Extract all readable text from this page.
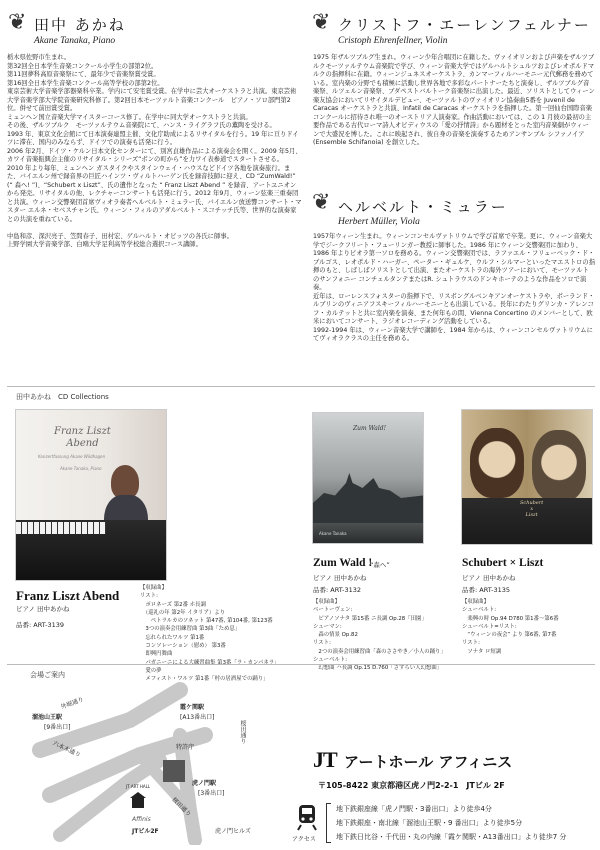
❦ 田中 あかね
Akane Tanaka, Piano
栃木県佐野市生まれ。
第32回全日本学生音楽コンクール小学生の部第2位。
第11回夢科高原音楽祭にて、最年少で音楽祭賞受賞。
第16回全日本学生音楽コンクール高等学校の部第2位。
東京芸術大学音楽学部器楽科卒業。学内にて安宅賞受賞。在学中に芸大オーケストラと共演。東京芸術大学音楽学部大学院音楽研究科修了。第2回日本モーツァルト音楽コンクール　ピアノ・ソロ部門第2位。併せて前田賞受賞。
ミュンヘン国立音楽大学マイスターコース修了。在学中に同大学オーケストラと共演。
その後、ザルツブルク　モーツァルテウム音楽院にて、ハンス・ライグラフ氏の薫陶を受ける。
1993 年、東京文化会館にて日本演奏連盟主催、文化庁助成によるリサイタルを行う。19 年に亘りドイツに滞在、国内のみならず、ドイツでの演奏も活発に行う。
2006 年2月、ドイツ・ケルン日本文化センターにて、別宮貞雄作品による演奏会を開く。2009 年5月、カワイ音楽振興会主催のリサイタル・シリーズ“ボンの町から”を力ワイ表参道でスタートさせる。
2010 年より毎年、ミュンヘン ガスタイクやスタインウェイ・ハウスなどドイツ各地を演奏旅行。また、バイエルン州で録音界の巨匠ハインツ・ヴィルトハーゲン氏を録音技師に迎え、CD “ZumWald!” (“ 森へ! ”)、“Schubert x Liszt”、氏の遺作となった “ Franz Liszt Abend ” を録音、アートユニオンから発売。リサイタルの他、レクチャーコンサートも活発に行う。2012 年9月、ウィーン弦楽三重奏団と共演。ウィーン交響楽団首席ヴィオラ奏者ヘルベルト・ミュラー氏、バイエルン放送響コンサート・マスター エルネ・セベスチャン氏、ウィーン・フィルのアダルベルト・スコチッチ氏等、世界的な演奏家との共演を重ねている。

中島和彦、深沢亮子、笠間春子、田村宏、ゲルハルト・オピッツの各氏に師事。
上野学園大学音楽学部、白鴎大学足利高等学校総合選択コース講師。
❦ クリストフ・エーレンフェルナー
Cristoph Ehrenfellner, Violin
1975 年ザルツブルグ生まれ。ウィーン少年合唱団に在籍した。ヴァイオリンおよび声楽をザルツブルクモーツァルテウム音楽院で学び、ウィーン音楽大学ではゲルハルトシュルツおよびレオポルドマルクの指揮科に在籍。ウィーンジュネスオーケストラ、カンマーフィルハーモニー元代郵務を務めている。室内楽の分野でも積極に活動し世界各地で多彩なパートナーたちと演奏し、ザルツブルグ音楽祭、ルツェルン音楽祭、ブダペストバルトーク音楽祭に出演した。最近、ソリストとしてウィーン楽友協会においてリサイタルデビュー、モーツァルトのヴァイオリン協奏曲5番を Juvenil de Caracas オーケストラと共演、Infatil de Caracas オーケストラを指揮した。第一回仙台国際音楽コンクールに招待され唯一のオーストリア人演奏家。作曲活動においては、この 1 月彼の最初の主要作品である古代ローマ詩人オビディウスの「愛の抒情詩」から題材をとった室内音楽劇がウィーンで大盛況を博した。これに映起され、彼自身の音楽を演奏するためアンサンブル シファノイア (Ensemble Schifanoia) を創立した。
❦ ヘルベルト・ミュラー
Herbert Müller, Viola
1957年ウィーン生まれ。ウィーンコンセルヴァトリウムで学び首席で卒業。更に、ウィーン音楽大学でジークフリート・フューリンガー教授に師事した。1986 年にウィーン交響楽団に加わり、1986 年よりビオラ第一ソロを務める。ウィーン交響楽団では、ラファエル・フリューベック・ド・ブルゴス、レオポルド・ハーガー、ペーター・ギュルケ、ウルフ・シルマーといったマエストロの指揮のもと、しばしばソリストとして出演、またオーケストラの海外ツアーにおいて、モーツァルトのサンフォニー コンチェルタンテまたはR. シュトラウスのドンキホーテのような作品をソロで演奏。
近年は、ローレンスフォスターの指揮下で、リスボングルベンキアンオーケストラや、ポーランド・ルブリンのヴィニアフスキーフィルハーモニーとも出演している。長年にわたりグリンカ・アレンコフ・カルテットと共に室内楽を演奏、また何年もの間、Vienna Concertino のメンバーとして、欧米においてコンサート、ラジオレコーディング活動をしている。
1992-1994 年は、ウィーン音楽大学で講師を、1984 年からは、ウィーンコンセルヴァトリウムにてヴィオラクラスの主任を務める。
田中あかね　CD Collections
Franz Liszt
Abend
Konzertfassung Akane Wildhagen
Akane Tanaka, Piano
Franz Liszt Abend
ピアノ 田中あかね
品番: ART-3139
【収録曲】
リスト:
　ポロネーズ 第2番 ホ長調
　（巡礼の年 第2年 イタリア）より
　　ペトラルカのソネット 第47番, 第104番, 第123番
　3つの演奏会用練習曲 第3曲「ため息」
　忘れられたワルツ 第1番
　コンソレーション（慰め） 第3番
　即興円舞曲
　パガニーニによる大練習曲集 第3番「ラ・カンパネラ」
　愛の夢
　メフィスト・ワルツ 第1番「村の居酒屋での踊り」
Zum Wald!
Akane Tanaka
Zum Wald !
“森へ”
ピアノ 田中あかね
品番: ART-3132
【収録曲】
ベートーヴェン:
　ピアノソナタ 第15番 ニ長調 Op.28「田園」
シューマン:
　森の情景 Op.82
リスト:
　2つの演奏会用練習曲「森のささやき／小人の踊り」
シューベルト:
　幻想曲 ハ長調 Op.15 D.760「さすらい人幻想曲」
Schubert
x
Liszt
Schubert × Liszt
ピアノ 田中あかね
品番: ART-3135
【収録曲】
シューベルト:
　楽興の時 Op.94 D780 第1番〜第6番
シューベルト=リスト:
　“ウィーンの夜会” より 第6番, 第7番
リスト:
　ソナタ ロ短調
会場ご案内
外堀通り
溜池山王駅
[9番出口]
六本木通り
霞ケ関駅
[A13番出口]
桜田通り
特許庁
JT ART HALL
Affinis
虎ノ門駅
[3番出口]
JTビル2F
桜田通り
虎ノ門ヒルズ
JT アートホール アフィニス
〒105-8422 東京都港区虎ノ門2-2-1　JTビル 2F
アクセス
地下鉄銀座線「虎ノ門駅・3番出口」より徒歩4分
地下鉄銀座・南北線「溜池山王駅・9 番出口」より徒歩5分
地下鉄日比谷・千代田・丸の内線「霞ケ関駅・A13番出口」より徒歩7 分
